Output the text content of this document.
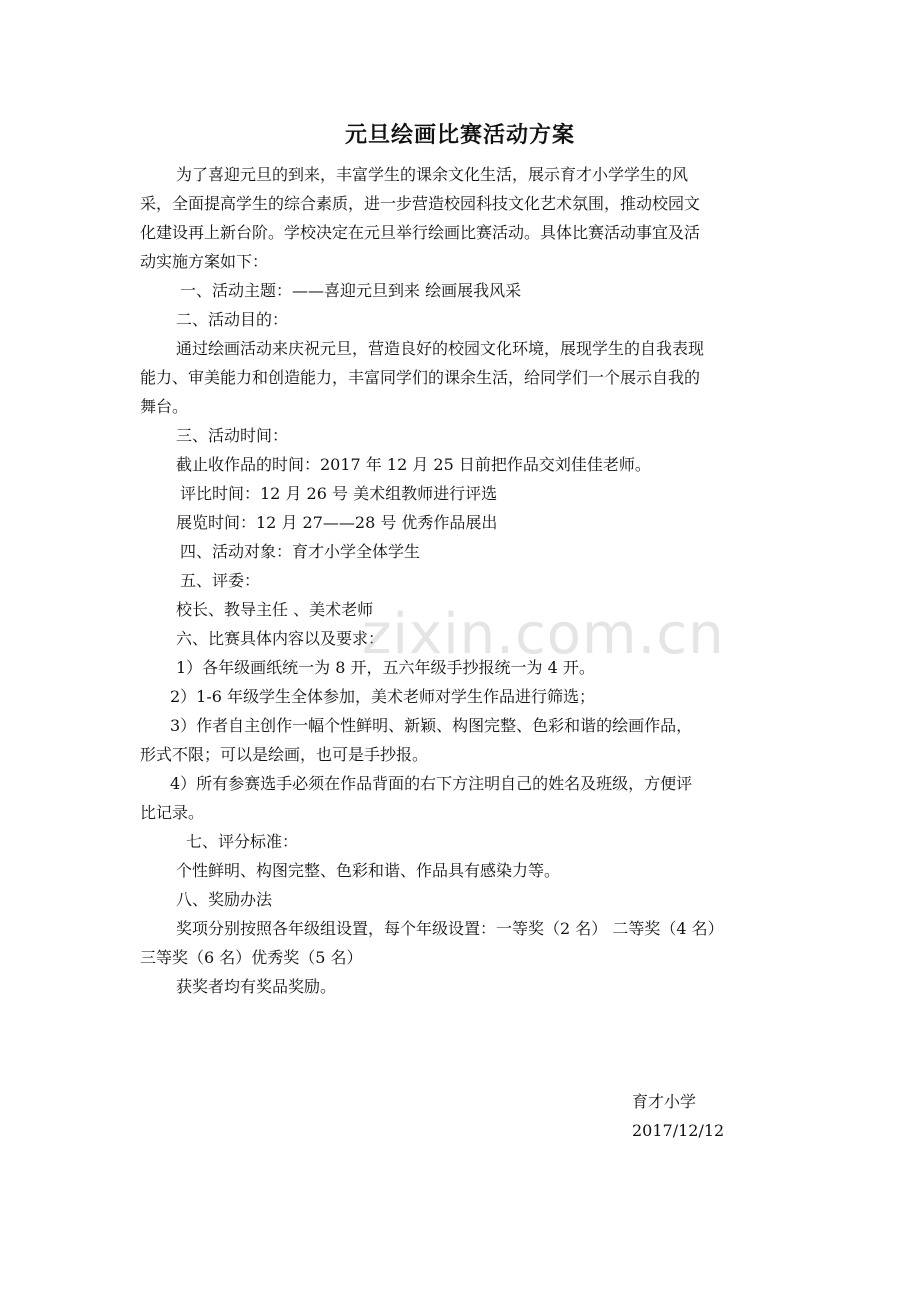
元旦绘画比赛活动方案
为了喜迎元旦的到来，丰富学生的课余文化生活，展示育才小学学生的风
采，全面提高学生的综合素质，进一步营造校园科技文化艺术氛围，推动校园文
化建设再上新台阶。学校决定在元旦举行绘画比赛活动。具体比赛活动事宜及活
动实施方案如下：
一、活动主题：——喜迎元旦到来 绘画展我风采
二、活动目的：
通过绘画活动来庆祝元旦，营造良好的校园文化环境，展现学生的自我表现
能力、审美能力和创造能力，丰富同学们的课余生活，给同学们一个展示自我的
舞台。
三、活动时间：
截止收作品的时间：2017 年 12 月 25 日前把作品交刘佳佳老师。
评比时间：12 月 26 号 美术组教师进行评选
展览时间：12 月 27——28 号 优秀作品展出
四、活动对象：育才小学全体学生
五、评委：
校长、教导主任 、美术老师
六、比赛具体内容以及要求：
1）各年级画纸统一为 8 开，五六年级手抄报统一为 4 开。
2）1-6 年级学生全体参加，美术老师对学生作品进行筛选；
3）作者自主创作一幅个性鲜明、新颖、构图完整、色彩和谐的绘画作品，
形式不限；可以是绘画，也可是手抄报。
4）所有参赛选手必须在作品背面的右下方注明自己的姓名及班级，方便评
比记录。
七、评分标准：
个性鲜明、构图完整、色彩和谐、作品具有感染力等。
八、奖励办法
奖项分别按照各年级组设置，每个年级设置：一等奖（2 名） 二等奖（4 名）
三等奖（6 名）优秀奖（5 名）
获奖者均有奖品奖励。
育才小学
2017/12/12
zixin.com.cn
